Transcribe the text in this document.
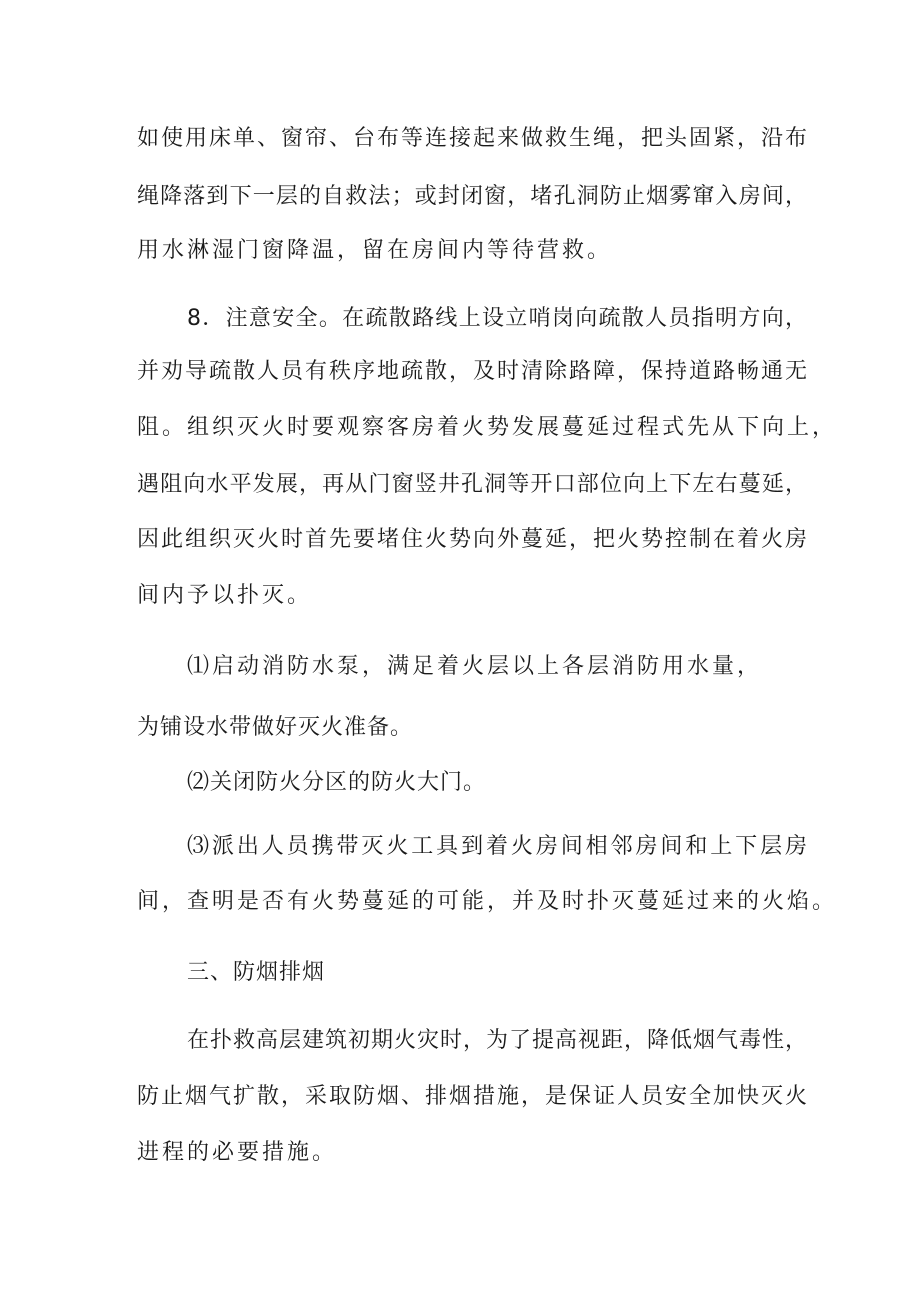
如使用床单、窗帘、台布等连接起来做救生绳，把头固紧，沿布
绳降落到下一层的自救法；或封闭窗，堵孔洞防止烟雾窜入房间，
用水淋湿门窗降温，留在房间内等待营救。
8．注意安全。在疏散路线上设立哨岗向疏散人员指明方向，
并劝导疏散人员有秩序地疏散，及时清除路障，保持道路畅通无
阻。组织灭火时要观察客房着火势发展蔓延过程式先从下向上，
遇阻向水平发展，再从门窗竖井孔洞等开口部位向上下左右蔓延，
因此组织灭火时首先要堵住火势向外蔓延，把火势控制在着火房
间内予以扑灭。
⑴启动消防水泵，满足着火层以上各层消防用水量，
为铺设水带做好灭火准备。
⑵关闭防火分区的防火大门。
⑶派出人员携带灭火工具到着火房间相邻房间和上下层房
间，查明是否有火势蔓延的可能，并及时扑灭蔓延过来的火焰。
三、防烟排烟
在扑救高层建筑初期火灾时，为了提高视距，降低烟气毒性，
防止烟气扩散，采取防烟、排烟措施，是保证人员安全加快灭火
进程的必要措施。
